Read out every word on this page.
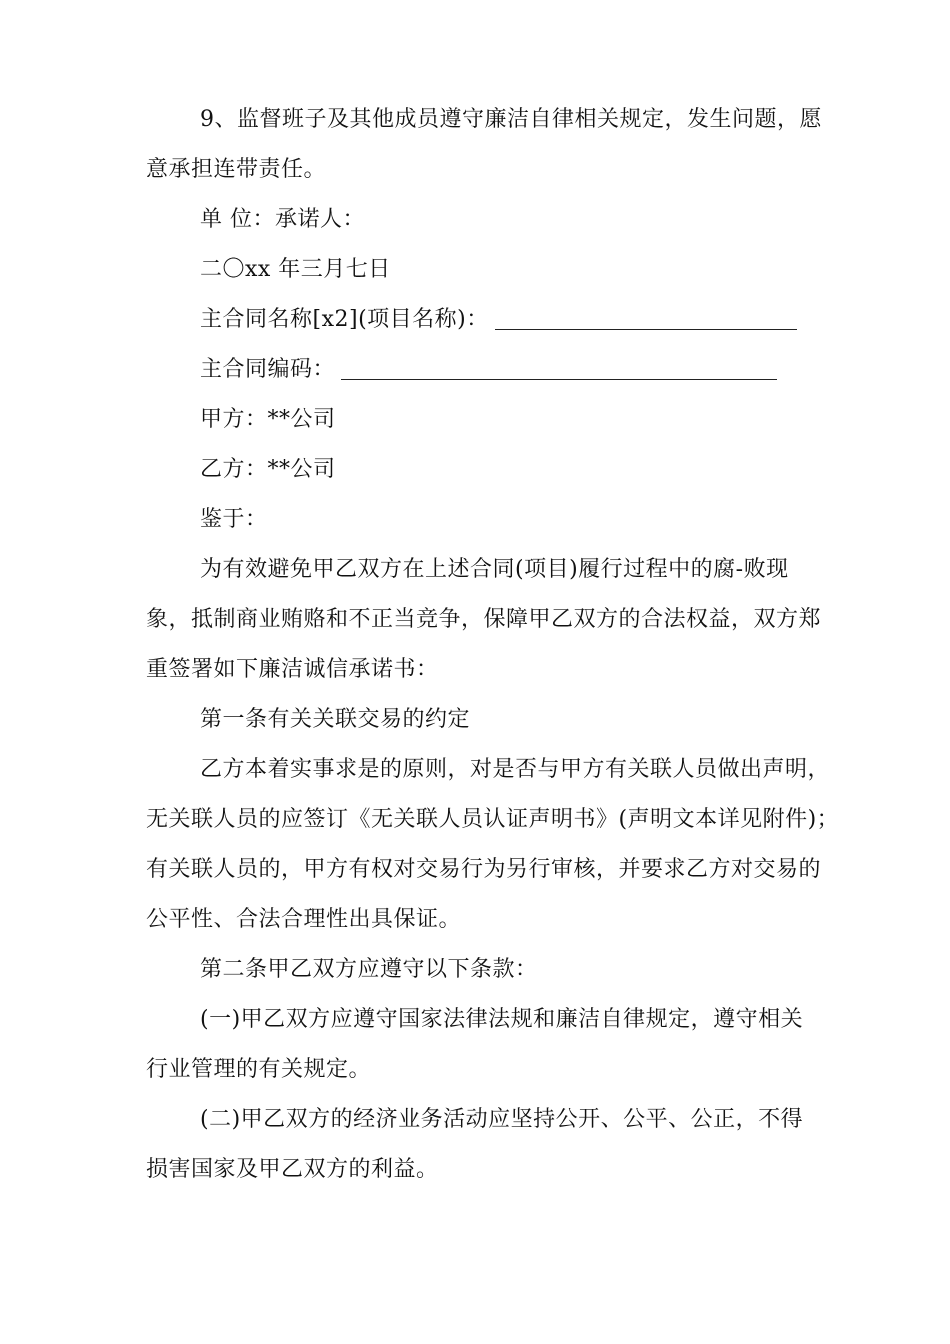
9、监督班子及其他成员遵守廉洁自律相关规定，发生问题，愿
意承担连带责任。
单 位：承诺人：
二〇xx 年三月七日
主合同名称[x2](项目名称)：
主合同编码：
甲方：**公司
乙方：**公司
鉴于：
为有效避免甲乙双方在上述合同(项目)履行过程中的腐-败现
象，抵制商业贿赂和不正当竞争，保障甲乙双方的合法权益，双方郑
重签署如下廉洁诚信承诺书：
第一条有关关联交易的约定
乙方本着实事求是的原则，对是否与甲方有关联人员做出声明，
无关联人员的应签订《无关联人员认证声明书》(声明文本详见附件)；
有关联人员的，甲方有权对交易行为另行审核，并要求乙方对交易的
公平性、合法合理性出具保证。
第二条甲乙双方应遵守以下条款：
(一)甲乙双方应遵守国家法律法规和廉洁自律规定，遵守相关
行业管理的有关规定。
(二)甲乙双方的经济业务活动应坚持公开、公平、公正，不得
损害国家及甲乙双方的利益。
